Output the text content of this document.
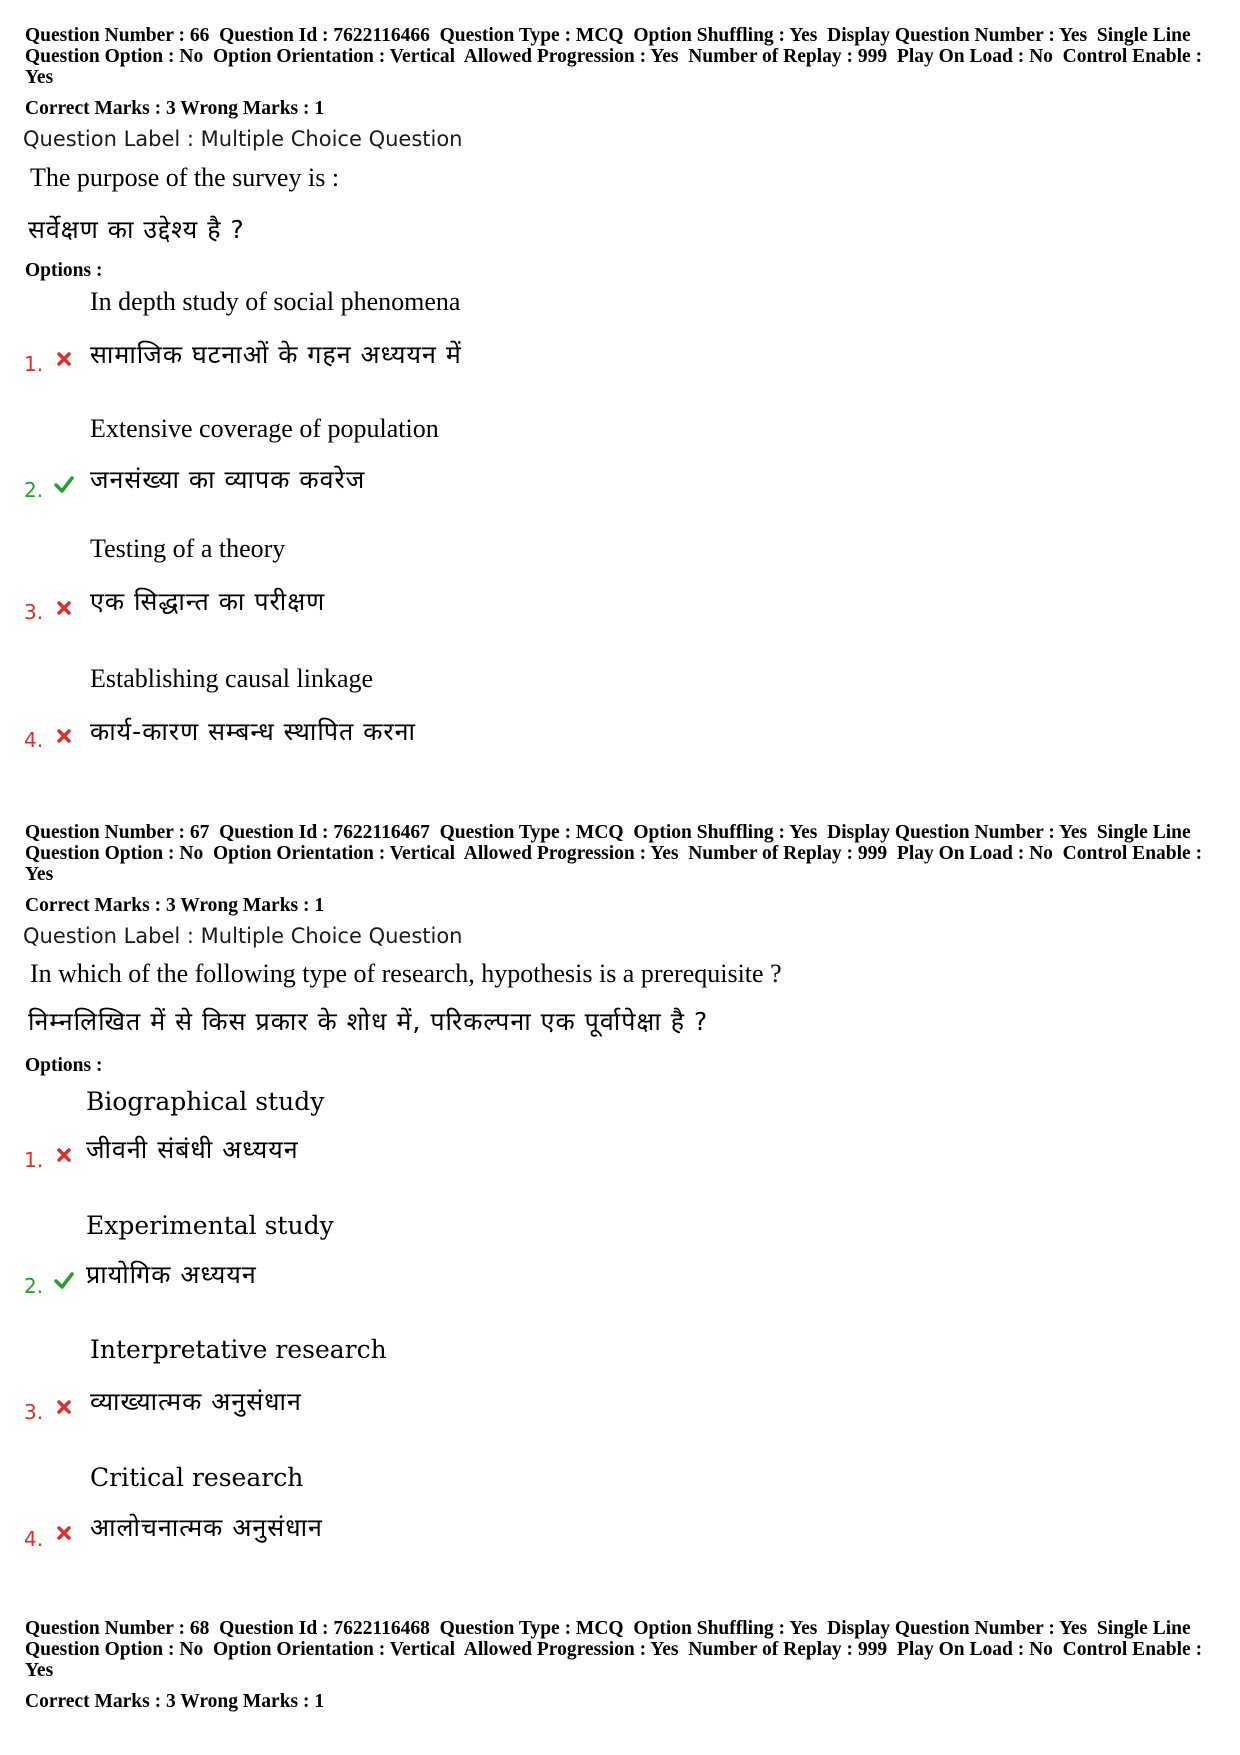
Question Number : 66  Question Id : 7622116466  Question Type : MCQ  Option Shuffling : Yes  Display Question Number : Yes  Single Line Question Option : No  Option Orientation : Vertical  Allowed Progression : Yes  Number of Replay : 999  Play On Load : No  Control Enable : Yes
Correct Marks : 3 Wrong Marks : 1
Question Label : Multiple Choice Question
The purpose of the survey is :
सर्वेक्षण का उद्देश्य है ?
Options :
In depth study of social phenomena
सामाजिक घटनाओं के गहन अध्ययन में
1.
Extensive coverage of population
जनसंख्या का व्यापक कवरेज
2.
Testing of a theory
एक सिद्धान्त का परीक्षण
3.
Establishing causal linkage
कार्य-कारण सम्बन्ध स्थापित करना
4.
Question Number : 67  Question Id : 7622116467  Question Type : MCQ  Option Shuffling : Yes  Display Question Number : Yes  Single Line Question Option : No  Option Orientation : Vertical  Allowed Progression : Yes  Number of Replay : 999  Play On Load : No  Control Enable : Yes
Correct Marks : 3 Wrong Marks : 1
Question Label : Multiple Choice Question
In which of the following type of research, hypothesis is a prerequisite ?
निम्नलिखित में से किस प्रकार के शोध में, परिकल्पना एक पूर्वापेक्षा है ?
Options :
Biographical study
जीवनी संबंधी अध्ययन
1.
Experimental study
प्रायोगिक अध्ययन
2.
Interpretative research
व्याख्यात्मक अनुसंधान
3.
Critical research
आलोचनात्मक अनुसंधान
4.
Question Number : 68  Question Id : 7622116468  Question Type : MCQ  Option Shuffling : Yes  Display Question Number : Yes  Single Line Question Option : No  Option Orientation : Vertical  Allowed Progression : Yes  Number of Replay : 999  Play On Load : No  Control Enable : Yes
Correct Marks : 3 Wrong Marks : 1
